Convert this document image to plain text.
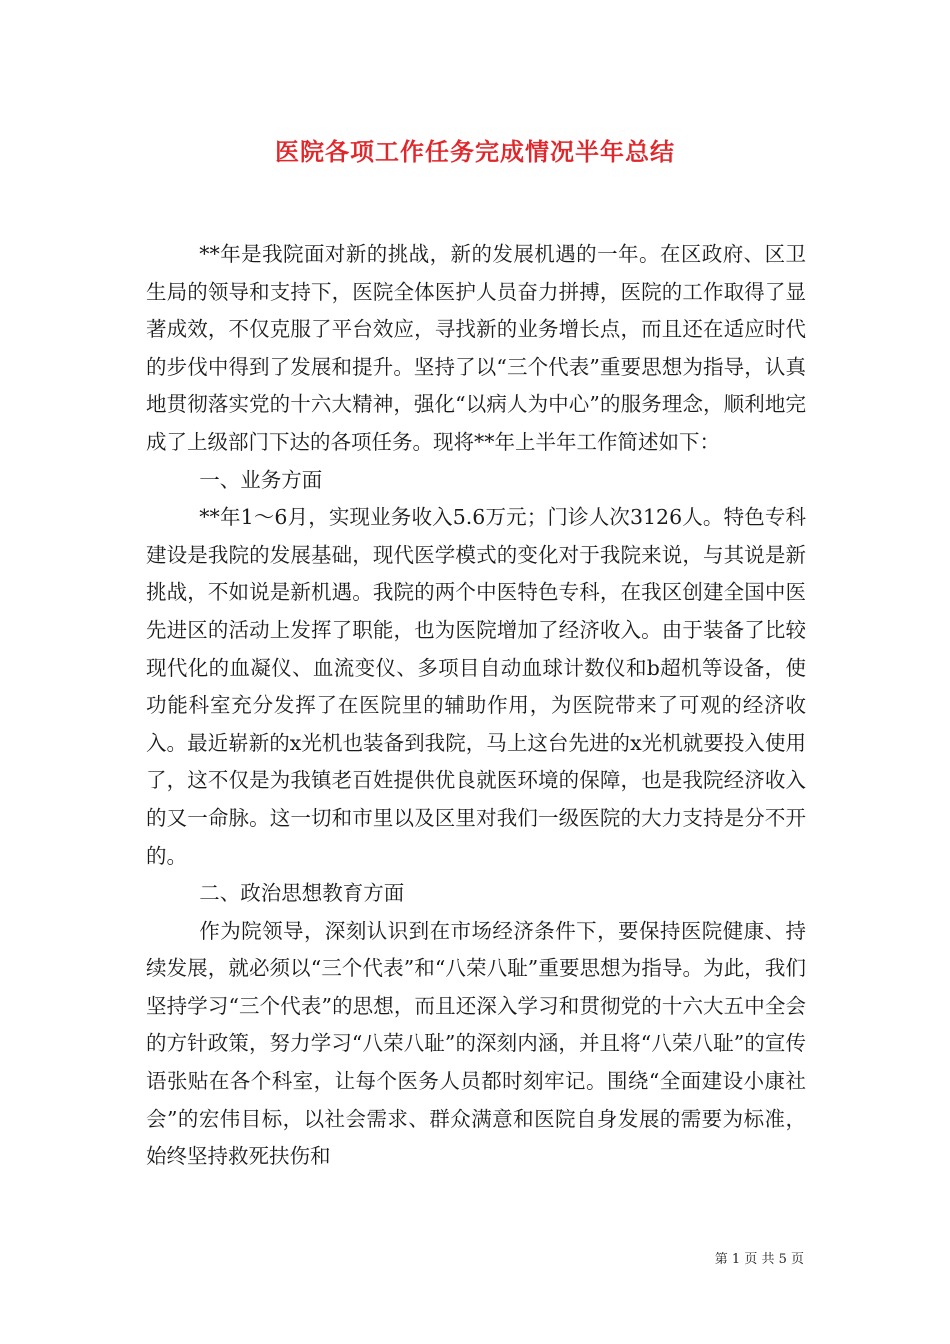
医院各项工作任务完成情况半年总结

**年是我院面对新的挑战，新的发展机遇的一年。在区政府、区卫生局的领导和支持下，医院全体医护人员奋力拼搏，医院的工作取得了显著成效，不仅克服了平台效应，寻找新的业务增长点，而且还在适应时代的步伐中得到了发展和提升。坚持了以“三个代表”重要思想为指导，认真地贯彻落实党的十六大精神，强化“以病人为中心”的服务理念，顺利地完成了上级部门下达的各项任务。现将**年上半年工作简述如下：

一、业务方面

**年1～6月，实现业务收入5.6万元；门诊人次3126人。特色专科建设是我院的发展基础，现代医学模式的变化对于我院来说，与其说是新挑战，不如说是新机遇。我院的两个中医特色专科，在我区创建全国中医先进区的活动上发挥了职能，也为医院增加了经济收入。由于装备了比较现代化的血凝仪、血流变仪、多项目自动血球计数仪和b超机等设备，使功能科室充分发挥了在医院里的辅助作用，为医院带来了可观的经济收入。最近崭新的x光机也装备到我院，马上这台先进的x光机就要投入使用了，这不仅是为我镇老百姓提供优良就医环境的保障，也是我院经济收入的又一命脉。这一切和市里以及区里对我们一级医院的大力支持是分不开的。

二、政治思想教育方面

作为院领导，深刻认识到在市场经济条件下，要保持医院健康、持续发展，就必须以“三个代表”和“八荣八耻”重要思想为指导。为此，我们坚持学习“三个代表”的思想，而且还深入学习和贯彻党的十六大五中全会的方针政策，努力学习“八荣八耻”的深刻内涵，并且将“八荣八耻”的宣传语张贴在各个科室，让每个医务人员都时刻牢记。围绕“全面建设小康社会”的宏伟目标，以社会需求、群众满意和医院自身发展的需要为标准，始终坚持救死扶伤和

第 1 页 共 5 页
